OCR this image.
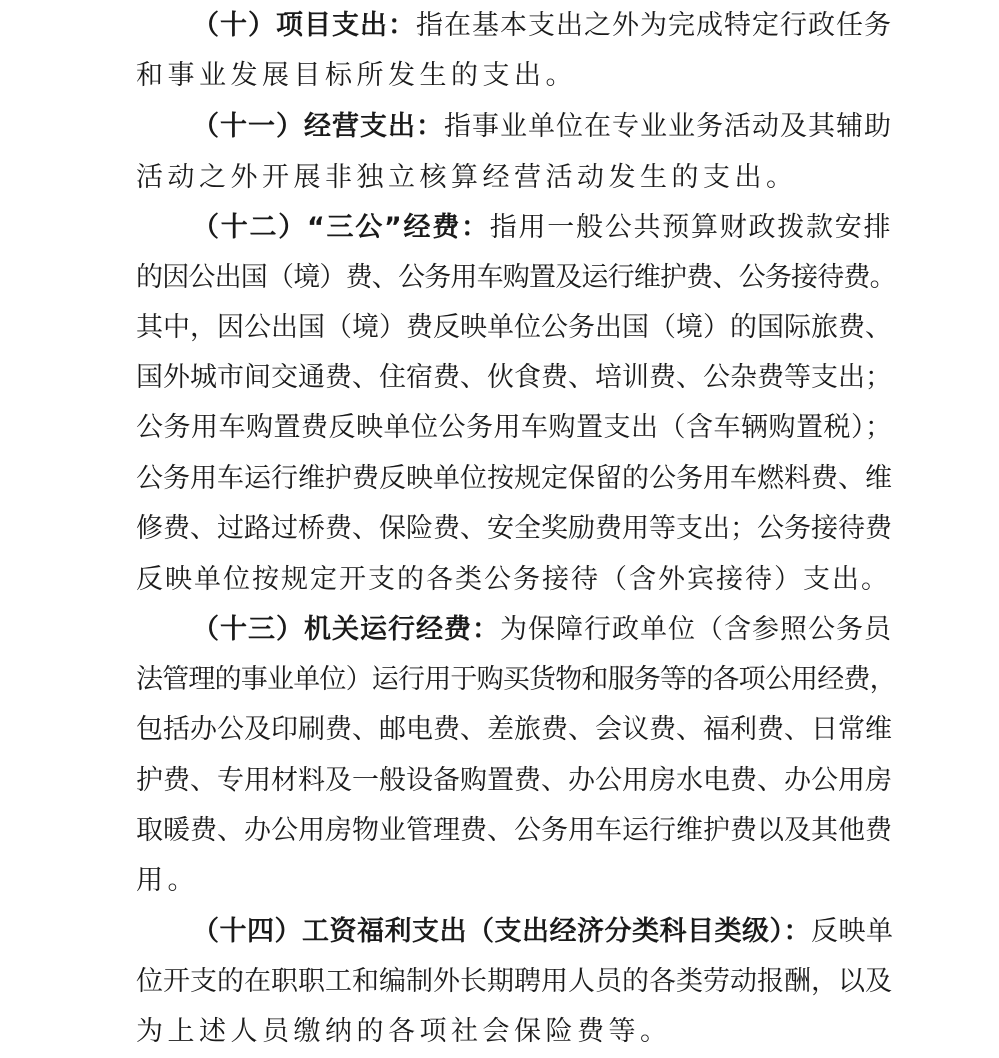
（十）项目支出：指在基本支出之外为完成特定行政任务
和事业发展目标所发生的支出。
（十一）经营支出：指事业单位在专业业务活动及其辅助
活动之外开展非独立核算经营活动发生的支出。
（十二）“三公”经费：指用一般公共预算财政拨款安排
的因公出国（境）费、公务用车购置及运行维护费、公务接待费。
其中，因公出国（境）费反映单位公务出国（境）的国际旅费、
国外城市间交通费、住宿费、伙食费、培训费、公杂费等支出；
公务用车购置费反映单位公务用车购置支出（含车辆购置税）；
公务用车运行维护费反映单位按规定保留的公务用车燃料费、维
修费、过路过桥费、保险费、安全奖励费用等支出；公务接待费
反映单位按规定开支的各类公务接待（含外宾接待）支出。
（十三）机关运行经费：为保障行政单位（含参照公务员
法管理的事业单位）运行用于购买货物和服务等的各项公用经费，
包括办公及印刷费、邮电费、差旅费、会议费、福利费、日常维
护费、专用材料及一般设备购置费、办公用房水电费、办公用房
取暖费、办公用房物业管理费、公务用车运行维护费以及其他费
用。
（十四）工资福利支出（支出经济分类科目类级）：反映单
位开支的在职职工和编制外长期聘用人员的各类劳动报酬，以及
为上述人员缴纳的各项社会保险费等。
